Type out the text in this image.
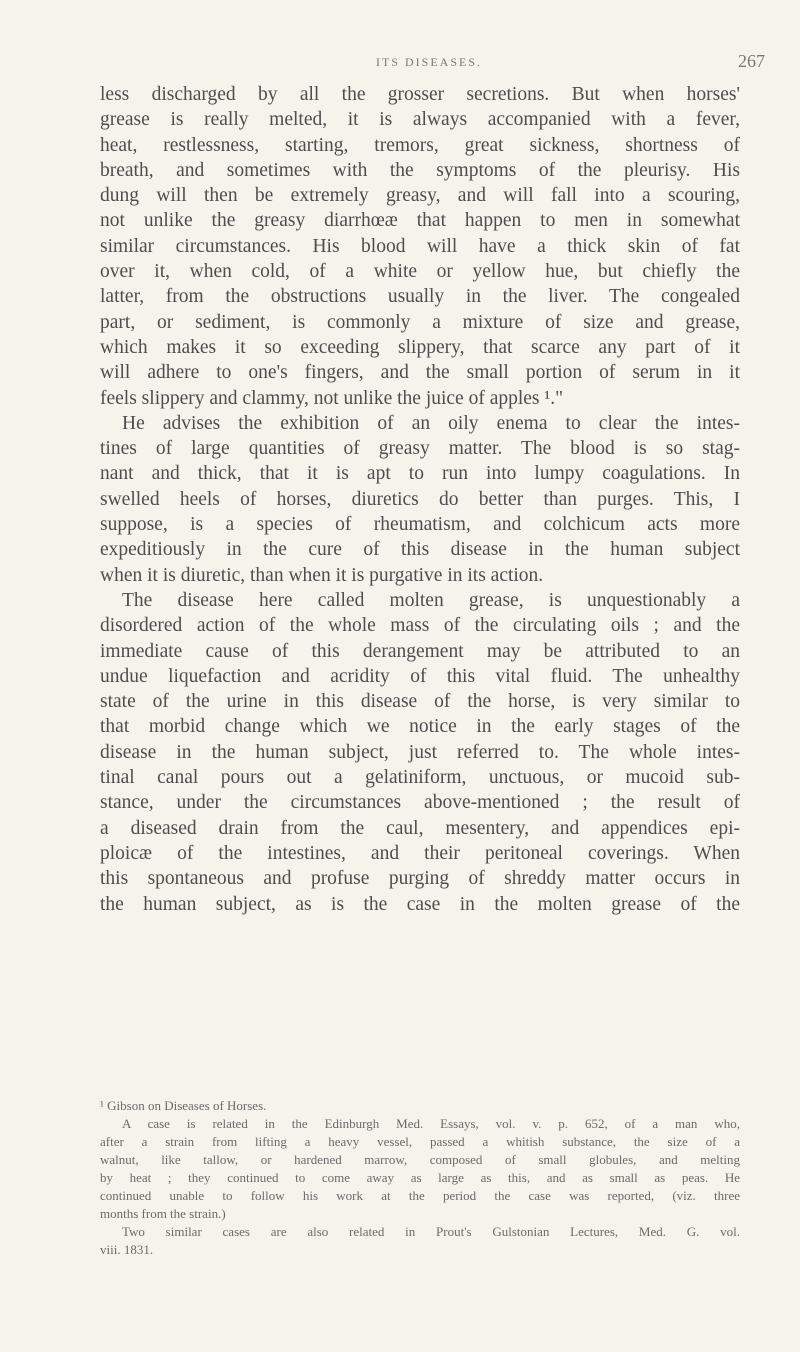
ITS DISEASES.	267
less discharged by all the grosser secretions. But when horses'
grease is really melted, it is always accompanied with a fever,
heat, restlessness, starting, tremors, great sickness, shortness of
breath, and sometimes with the symptoms of the pleurisy. His
dung will then be extremely greasy, and will fall into a scouring,
not unlike the greasy diarrhœæ that happen to men in somewhat
similar circumstances. His blood will have a thick skin of fat
over it, when cold, of a white or yellow hue, but chiefly the
latter, from the obstructions usually in the liver. The congealed
part, or sediment, is commonly a mixture of size and grease,
which makes it so exceeding slippery, that scarce any part of it
will adhere to one's fingers, and the small portion of serum in it
feels slippery and clammy, not unlike the juice of apples ¹."
He advises the exhibition of an oily enema to clear the intes-
tines of large quantities of greasy matter. The blood is so stag-
nant and thick, that it is apt to run into lumpy coagulations. In
swelled heels of horses, diuretics do better than purges. This, I
suppose, is a species of rheumatism, and colchicum acts more
expeditiously in the cure of this disease in the human subject
when it is diuretic, than when it is purgative in its action.
The disease here called molten grease, is unquestionably a
disordered action of the whole mass of the circulating oils ; and the
immediate cause of this derangement may be attributed to an
undue liquefaction and acridity of this vital fluid. The unhealthy
state of the urine in this disease of the horse, is very similar to
that morbid change which we notice in the early stages of the
disease in the human subject, just referred to. The whole intes-
tinal canal pours out a gelatiniform, unctuous, or mucoid sub-
stance, under the circumstances above-mentioned ; the result of
a diseased drain from the caul, mesentery, and appendices epi-
ploicæ of the intestines, and their peritoneal coverings. When
this spontaneous and profuse purging of shreddy matter occurs in
the human subject, as is the case in the molten grease of the
¹ Gibson on Diseases of Horses.
A case is related in the Edinburgh Med. Essays, vol. v. p. 652, of a man who,
after a strain from lifting a heavy vessel, passed a whitish substance, the size of a
walnut, like tallow, or hardened marrow, composed of small globules, and melting
by heat ; they continued to come away as large as this, and as small as peas. He
continued unable to follow his work at the period the case was reported, (viz. three
months from the strain.)
Two similar cases are also related in Prout's Gulstonian Lectures, Med. G. vol.
viii. 1831.
